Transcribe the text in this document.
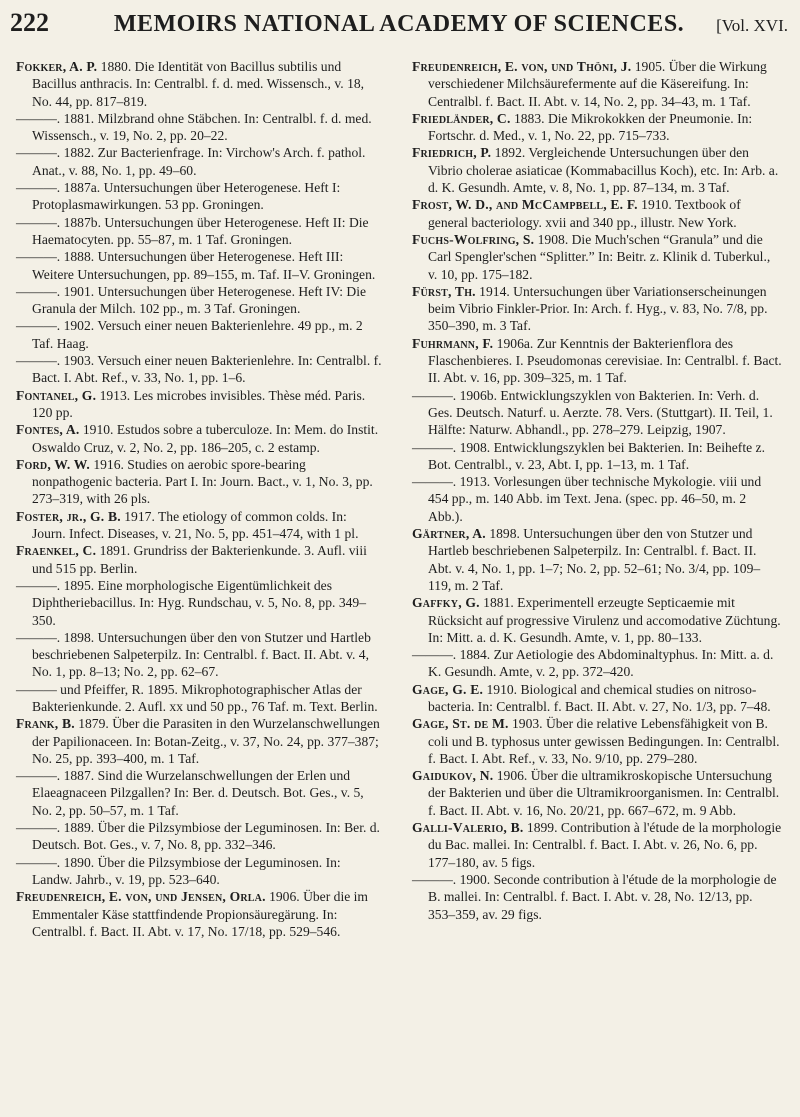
222	MEMOIRS NATIONAL ACADEMY OF SCIENCES.	[Vol. XVI.

Fokker, A. P. 1880. Die Identität von Bacillus subtilis und Bacillus anthracis. In: Centralbl. f. d. med. Wissensch., v. 18, No. 44, pp. 817–819.

———. 1881. Milzbrand ohne Stäbchen. In: Centralbl. f. d. med. Wissensch., v. 19, No. 2, pp. 20–22.

———. 1882. Zur Bacterienfrage. In: Virchow's Arch. f. pathol. Anat., v. 88, No. 1, pp. 49–60.

———. 1887a. Untersuchungen über Heterogenese. Heft I: Protoplasmawirkungen. 53 pp. Groningen.

———. 1887b. Untersuchungen über Heterogenese. Heft II: Die Haematocyten. pp. 55–87, m. 1 Taf. Groningen.

———. 1888. Untersuchungen über Heterogenese. Heft III: Weitere Untersuchungen, pp. 89–155, m. Taf. II–V. Groningen.

———. 1901. Untersuchungen über Heterogenese. Heft IV: Die Granula der Milch. 102 pp., m. 3 Taf. Groningen.

———. 1902. Versuch einer neuen Bakterienlehre. 49 pp., m. 2 Taf. Haag.

———. 1903. Versuch einer neuen Bakterienlehre. In: Centralbl. f. Bact. I. Abt. Ref., v. 33, No. 1, pp. 1–6.

Fontanel, G. 1913. Les microbes invisibles. Thèse méd. Paris. 120 pp.

Fontes, A. 1910. Estudos sobre a tuberculoze. In: Mem. do Instit. Oswaldo Cruz, v. 2, No. 2, pp. 186–205, c. 2 estamp.

Ford, W. W. 1916. Studies on aerobic spore-bearing nonpathogenic bacteria. Part I. In: Journ. Bact., v. 1, No. 3, pp. 273–319, with 26 pls.

Foster, jr., G. B. 1917. The etiology of common colds. In: Journ. Infect. Diseases, v. 21, No. 5, pp. 451–474, with 1 pl.

Fraenkel, C. 1891. Grundriss der Bakterienkunde. 3. Aufl. viii und 515 pp. Berlin.

———. 1895. Eine morphologische Eigentümlichkeit des Diphtheriebacillus. In: Hyg. Rundschau, v. 5, No. 8, pp. 349–350.

———. 1898. Untersuchungen über den von Stutzer und Hartleb beschriebenen Salpeterpilz. In: Centralbl. f. Bact. II. Abt. v. 4, No. 1, pp. 8–13; No. 2, pp. 62–67.

——— und Pfeiffer, R. 1895. Mikrophotographischer Atlas der Bakterienkunde. 2. Aufl. xx und 50 pp., 76 Taf. m. Text. Berlin.

Frank, B. 1879. Über die Parasiten in den Wurzelanschwellungen der Papilionaceen. In: Botan-Zeitg., v. 37, No. 24, pp. 377–387; No. 25, pp. 393–400, m. 1 Taf.

———. 1887. Sind die Wurzelanschwellungen der Erlen und Elaeagnaceen Pilzgallen? In: Ber. d. Deutsch. Bot. Ges., v. 5, No. 2, pp. 50–57, m. 1 Taf.

———. 1889. Über die Pilzsymbiose der Leguminosen. In: Ber. d. Deutsch. Bot. Ges., v. 7, No. 8, pp. 332–346.

———. 1890. Über die Pilzsymbiose der Leguminosen. In: Landw. Jahrb., v. 19, pp. 523–640.

Freudenreich, E. von, und Jensen, Orla. 1906. Über die im Emmentaler Käse stattfindende Propionsäuregärung. In: Centralbl. f. Bact. II. Abt. v. 17, No. 17/18, pp. 529–546.

Freudenreich, E. von, und Thöni, J. 1905. Über die Wirkung verschiedener Milchsäurefermente auf die Käsereifung. In: Centralbl. f. Bact. II. Abt. v. 14, No. 2, pp. 34–43, m. 1 Taf.

Friedländer, C. 1883. Die Mikrokokken der Pneumonie. In: Fortschr. d. Med., v. 1, No. 22, pp. 715–733.

Friedrich, P. 1892. Vergleichende Untersuchungen über den Vibrio cholerae asiaticae (Kommabacillus Koch), etc. In: Arb. a. d. K. Gesundh. Amte, v. 8, No. 1, pp. 87–134, m. 3 Taf.

Frost, W. D., and McCampbell, E. F. 1910. Textbook of general bacteriology. xvii and 340 pp., illustr. New York.

Fuchs-Wolfring, S. 1908. Die Much'schen “Granula” und die Carl Spengler'schen “Splitter.” In: Beitr. z. Klinik d. Tuberkul., v. 10, pp. 175–182.

Fürst, Th. 1914. Untersuchungen über Variationserscheinungen beim Vibrio Finkler-Prior. In: Arch. f. Hyg., v. 83, No. 7/8, pp. 350–390, m. 3 Taf.

Fuhrmann, F. 1906a. Zur Kenntnis der Bakterienflora des Flaschenbieres. I. Pseudomonas cerevisiae. In: Centralbl. f. Bact. II. Abt. v. 16, pp. 309–325, m. 1 Taf.

———. 1906b. Entwicklungszyklen von Bakterien. In: Verh. d. Ges. Deutsch. Naturf. u. Aerzte. 78. Vers. (Stuttgart). II. Teil, 1. Hälfte: Naturw. Abhandl., pp. 278–279. Leipzig, 1907.

———. 1908. Entwicklungszyklen bei Bakterien. In: Beihefte z. Bot. Centralbl., v. 23, Abt. I, pp. 1–13, m. 1 Taf.

———. 1913. Vorlesungen über technische Mykologie. viii und 454 pp., m. 140 Abb. im Text. Jena. (spec. pp. 46–50, m. 2 Abb.).

Gärtner, A. 1898. Untersuchungen über den von Stutzer und Hartleb beschriebenen Salpeterpilz. In: Centralbl. f. Bact. II. Abt. v. 4, No. 1, pp. 1–7; No. 2, pp. 52–61; No. 3/4, pp. 109–119, m. 2 Taf.

Gaffky, G. 1881. Experimentell erzeugte Septicaemie mit Rücksicht auf progressive Virulenz und accomodative Züchtung. In: Mitt. a. d. K. Gesundh. Amte, v. 1, pp. 80–133.

———. 1884. Zur Aetiologie des Abdominaltyphus. In: Mitt. a. d. K. Gesundh. Amte, v. 2, pp. 372–420.

Gage, G. E. 1910. Biological and chemical studies on nitroso-bacteria. In: Centralbl. f. Bact. II. Abt. v. 27, No. 1/3, pp. 7–48.

Gage, St. de M. 1903. Über die relative Lebensfähigkeit von B. coli und B. typhosus unter gewissen Bedingungen. In: Centralbl. f. Bact. I. Abt. Ref., v. 33, No. 9/10, pp. 279–280.

Gaidukov, N. 1906. Über die ultramikroskopische Untersuchung der Bakterien und über die Ultramikroorganismen. In: Centralbl. f. Bact. II. Abt. v. 16, No. 20/21, pp. 667–672, m. 9 Abb.

Galli-Valerio, B. 1899. Contribution à l'étude de la morphologie du Bac. mallei. In: Centralbl. f. Bact. I. Abt. v. 26, No. 6, pp. 177–180, av. 5 figs.

———. 1900. Seconde contribution à l'étude de la morphologie de B. mallei. In: Centralbl. f. Bact. I. Abt. v. 28, No. 12/13, pp. 353–359, av. 29 figs.
